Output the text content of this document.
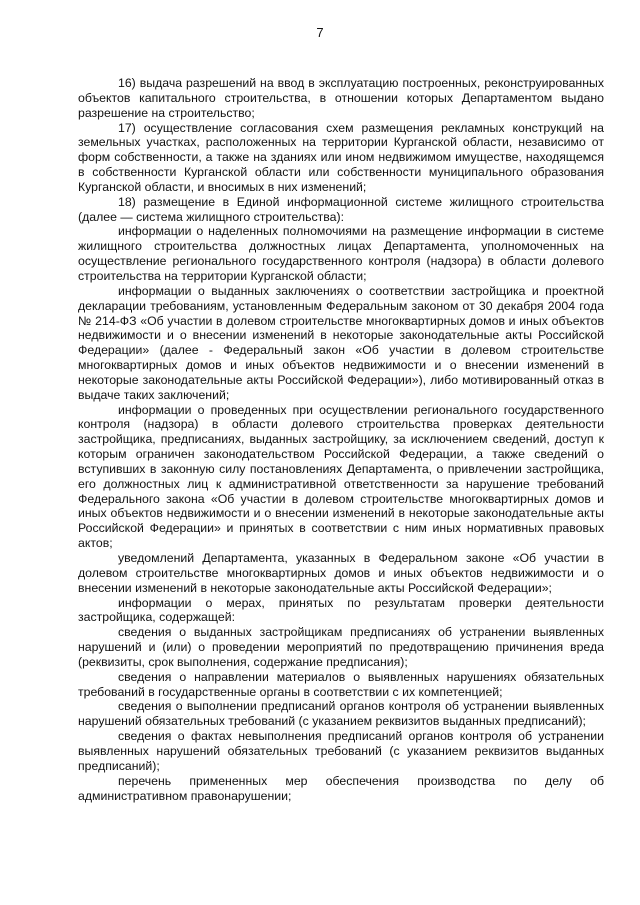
7

16) выдача разрешений на ввод в эксплуатацию построенных, реконструированных объектов капитального строительства, в отношении которых Департаментом выдано разрешение на строительство;

17) осуществление согласования схем размещения рекламных конструкций на земельных участках, расположенных на территории Курганской области, независимо от форм собственности, а также на зданиях или ином недвижимом имуществе, находящемся в собственности Курганской области или собственности муниципального образования Курганской области, и вносимых в них изменений;

18) размещение в Единой информационной системе жилищного строительства (далее — система жилищного строительства):

информации о наделенных полномочиями на размещение информации в системе жилищного строительства должностных лицах Департамента, уполномоченных на осуществление регионального государственного контроля (надзора) в области долевого строительства на территории Курганской области;

информации о выданных заключениях о соответствии застройщика и проектной декларации требованиям, установленным Федеральным законом от 30 декабря 2004 года № 214-ФЗ «Об участии в долевом строительстве многоквартирных домов и иных объектов недвижимости и о внесении изменений в некоторые законодательные акты Российской Федерации» (далее - Федеральный закон «Об участии в долевом строительстве многоквартирных домов и иных объектов недвижимости и о внесении изменений в некоторые законодательные акты Российской Федерации»), либо мотивированный отказ в выдаче таких заключений;

информации о проведенных при осуществлении регионального государственного контроля (надзора) в области долевого строительства проверках деятельности застройщика, предписаниях, выданных застройщику, за исключением сведений, доступ к которым ограничен законодательством Российской Федерации, а также сведений о вступивших в законную силу постановлениях Департамента, о привлечении застройщика, его должностных лиц к административной ответственности за нарушение требований Федерального закона «Об участии в долевом строительстве многоквартирных домов и иных объектов недвижимости и о внесении изменений в некоторые законодательные акты Российской Федерации» и принятых в соответствии с ним иных нормативных правовых актов;

уведомлений Департамента, указанных в Федеральном законе «Об участии в долевом строительстве многоквартирных домов и иных объектов недвижимости и о внесении изменений в некоторые законодательные акты Российской Федерации»;

информации о мерах, принятых по результатам проверки деятельности застройщика, содержащей:

сведения о выданных застройщикам предписаниях об устранении выявленных нарушений и (или) о проведении мероприятий по предотвращению причинения вреда (реквизиты, срок выполнения, содержание предписания);

сведения о направлении материалов о выявленных нарушениях обязательных требований в государственные органы в соответствии с их компетенцией;

сведения о выполнении предписаний органов контроля об устранении выявленных нарушений обязательных требований (с указанием реквизитов выданных предписаний);

сведения о фактах невыполнения предписаний органов контроля об устранении выявленных нарушений обязательных требований (с указанием реквизитов выданных предписаний);

перечень примененных мер обеспечения производства по делу об административном правонарушении;
